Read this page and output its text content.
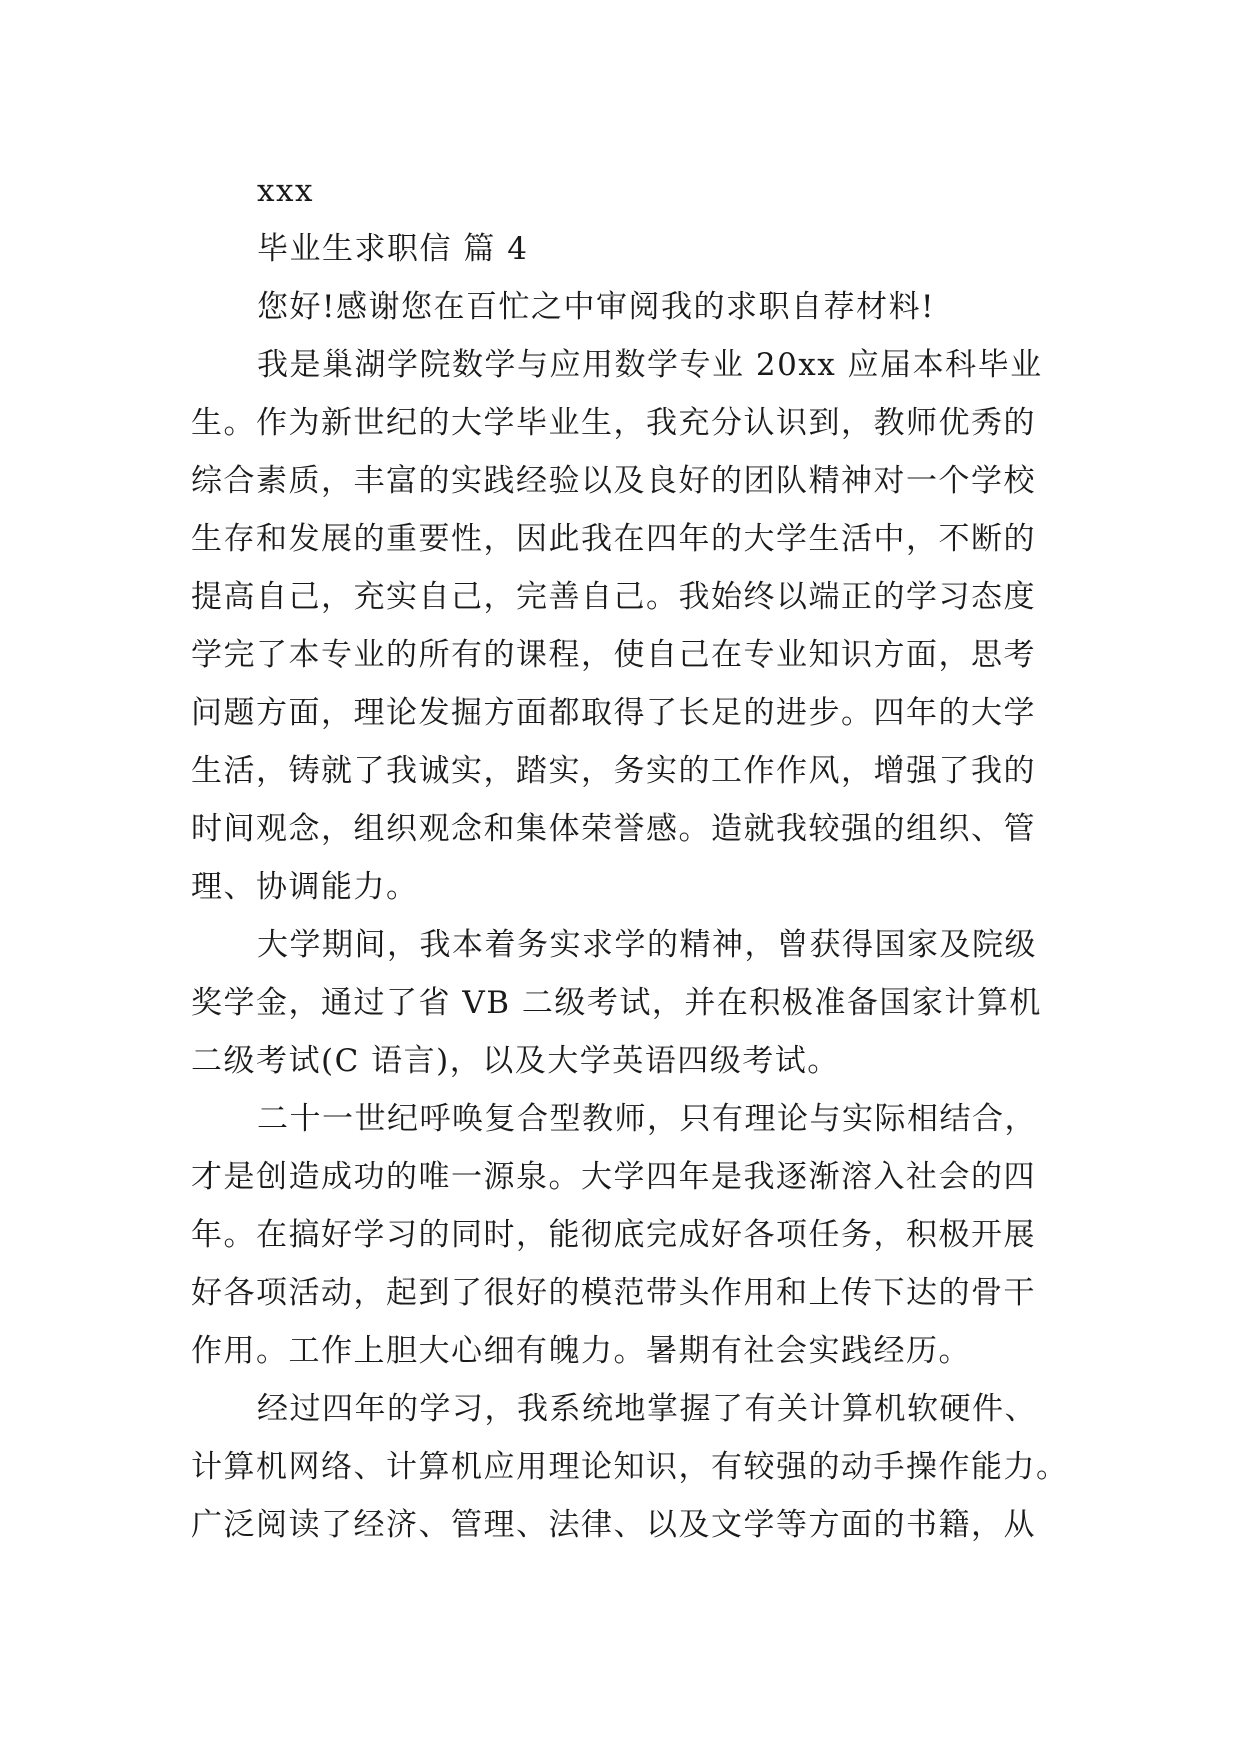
xxx
毕业生求职信 篇 4
您好!感谢您在百忙之中审阅我的求职自荐材料!
我是巢湖学院数学与应用数学专业 20xx 应届本科毕业
生。作为新世纪的大学毕业生，我充分认识到，教师优秀的
综合素质，丰富的实践经验以及良好的团队精神对一个学校
生存和发展的重要性，因此我在四年的大学生活中，不断的
提高自己，充实自己，完善自己。我始终以端正的学习态度
学完了本专业的所有的课程，使自己在专业知识方面，思考
问题方面，理论发掘方面都取得了长足的进步。四年的大学
生活，铸就了我诚实，踏实，务实的工作作风，增强了我的
时间观念，组织观念和集体荣誉感。造就我较强的组织、管
理、协调能力。
大学期间，我本着务实求学的精神，曾获得国家及院级
奖学金，通过了省 VB 二级考试，并在积极准备国家计算机
二级考试(C 语言)，以及大学英语四级考试。
二十一世纪呼唤复合型教师，只有理论与实际相结合，
才是创造成功的唯一源泉。大学四年是我逐渐溶入社会的四
年。在搞好学习的同时，能彻底完成好各项任务，积极开展
好各项活动，起到了很好的模范带头作用和上传下达的骨干
作用。工作上胆大心细有魄力。暑期有社会实践经历。
经过四年的学习，我系统地掌握了有关计算机软硬件、
计算机网络、计算机应用理论知识，有较强的动手操作能力。
广泛阅读了经济、管理、法律、以及文学等方面的书籍，从
